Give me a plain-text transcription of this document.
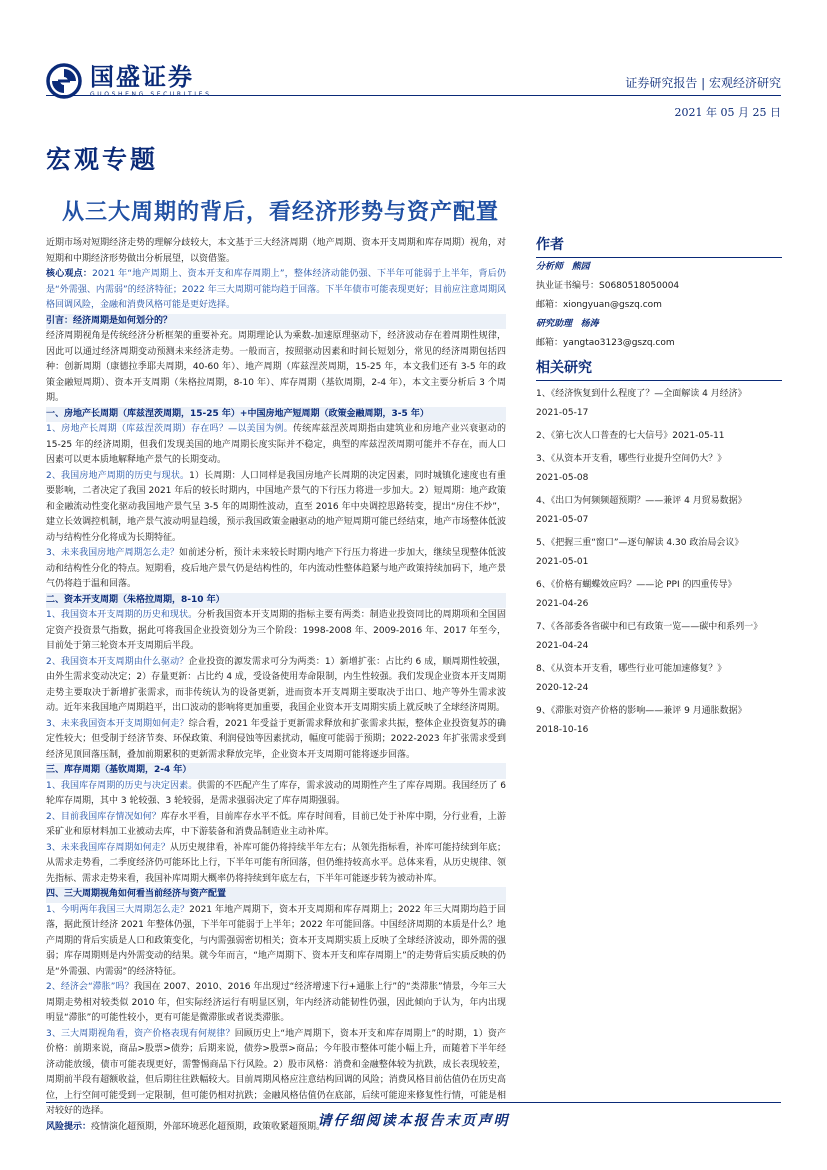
国盛证券	证券研究报告 | 宏观经济研究
2021 年 05 月 25 日
宏观专题
从三大周期的背后，看经济形势与资产配置

近期市场对短期经济走势的理解分歧较大，本文基于三大经济周期（地产周期、资本开支周期和库存周期）视角，对短期和中期经济形势做出分析展望，以资借鉴。

核心观点：2021 年“地产周期上、资本开支和库存周期上”，整体经济动能仍强、下半年可能弱于上半年，背后仍是“外需强、内需弱”的经济特征；2022 年三大周期可能均趋于回落。下半年债市可能表现更好；目前应注意周期风格回调风险，金融和消费风格可能是更好选择。

引言：经济周期是如何划分的？

经济周期视角是传统经济分析框架的重要补充。周期理论认为乘数-加速原理驱动下，经济波动存在着周期性规律，因此可以通过经济周期变动预测未来经济走势。一般而言，按照驱动因素和时间长短划分，常见的经济周期包括四种：创新周期（康德拉季耶夫周期，40-60 年）、地产周期（库兹涅茨周期，15-25 年，本文我们还有 3-5 年的政策金融短周期）、资本开支周期（朱格拉周期，8-10 年）、库存周期（基钦周期，2-4 年），本文主要分析后 3 个周期。

一、房地产长周期（库兹涅茨周期，15-25 年）+中国房地产短周期（政策金融周期，3-5 年）

1、房地产长周期（库兹涅茨周期）存在吗？—以美国为例。传统库兹涅茨周期指由建筑业和房地产业兴衰驱动的 15-25 年的经济周期，但我们发现美国的地产周期长度实际并不稳定，典型的库兹涅茨周期可能并不存在，而人口因素可以更本质地解释地产景气的长期变动。

2、我国房地产周期的历史与现状。1）长周期：人口同样是我国房地产长周期的决定因素，同时城镇化速度也有重要影响，二者决定了我国 2021 年后的较长时期内，中国地产景气的下行压力将进一步加大。2）短周期：地产政策和金融流动性变化驱动我国地产景气呈 3-5 年的周期性波动，直至 2016 年中央调控思路转变，提出“房住不炒”，建立长效调控机制，地产景气波动明显趋缓，预示我国政策金融驱动的地产短周期可能已经结束，地产市场整体低波动与结构性分化将成为长期特征。

3、未来我国房地产周期怎么走？如前述分析，预计未来较长时期内地产下行压力将进一步加大，继续呈现整体低波动和结构性分化的特点。短期看，疫后地产景气仍是结构性的，年内流动性整体趋紧与地产政策持续加码下，地产景气仍将趋于温和回落。

二、资本开支周期（朱格拉周期，8-10 年）

1、我国资本开支周期的历史和现状。分析我国资本开支周期的指标主要有两类：制造业投资同比的周期项和全国固定资产投资景气指数，据此可将我国企业投资划分为三个阶段：1998-2008 年、2009-2016 年、2017 年至今，目前处于第三轮资本开支周期后半段。

2、我国资本开支周期由什么驱动？企业投资的源发需求可分为两类：1）新增扩张：占比约 6 成，顺周期性较强，由外生需求变动决定；2）存量更新：占比约 4 成，受设备使用寿命限制，内生性较强。我们发现企业资本开支周期走势主要取决于新增扩张需求，而非传统认为的设备更新，进而资本开支周期主要取决于出口、地产等外生需求波动。近年来我国地产周期趋平，出口波动的影响将更加重要，我国企业资本开支周期实质上就反映了全球经济周期。

3、未来我国资本开支周期如何走？综合看，2021 年受益于更新需求释放和扩张需求共振，整体企业投资复苏的确定性较大；但受制于经济节奏、环保政策、利润侵蚀等因素扰动，幅度可能弱于预期；2022-2023 年扩张需求受到经济见顶回落压制，叠加前期累积的更新需求释放完毕，企业资本开支周期可能将逐步回落。

三、库存周期（基钦周期，2-4 年）

1、我国库存周期的历史与决定因素。供需的不匹配产生了库存，需求波动的周期性产生了库存周期。我国经历了 6 轮库存周期，其中 3 轮较强、3 轮较弱，是需求强弱决定了库存周期强弱。

2、目前我国库存情况如何？库存水平看，目前库存水平不低。库存时间看，目前已处于补库中期，分行业看，上游采矿业和原材料加工业被动去库，中下游装备和消费品制造业主动补库。

3、未来我国库存周期如何走？从历史规律看，补库可能仍将持续半年左右；从领先指标看，补库可能持续到年底；从需求走势看，二季度经济仍可能环比上行，下半年可能有所回落，但仍维持较高水平。总体来看，从历史规律、领先指标、需求走势来看，我国补库周期大概率仍将持续到年底左右，下半年可能逐步转为被动补库。

四、三大周期视角如何看当前经济与资产配置

1、今明两年我国三大周期怎么走？2021 年地产周期下，资本开支周期和库存周期上；2022 年三大周期均趋于回落，据此预计经济 2021 年整体仍强，下半年可能弱于上半年；2022 年可能回落。中国经济周期的本质是什么？地产周期的背后实质是人口和政策变化，与内需强弱密切相关；资本开支周期实质上反映了全球经济波动，即外需的强弱；库存周期则是内外需变动的结果。就今年而言，“地产周期下、资本开支和库存周期上”的走势背后实质反映的仍是“外需强、内需弱”的经济特征。

2、经济会“滞胀”吗？我国在 2007、2010、2016 年出现过“经济增速下行+通胀上行”的“类滞胀”情景，今年三大周期走势相对较类似 2010 年，但实际经济运行有明显区别，年内经济动能韧性仍强，因此倾向于认为，年内出现明显“滞胀”的可能性较小，更有可能是微滞胀或者说类滞胀。

3、三大周期视角看，资产价格表现有何规律？回顾历史上“地产周期下，资本开支和库存周期上”的时期，1）资产价格：前期来说，商品>股票>债券；后期来说，债券>股票>商品；今年股市整体可能小幅上升，而随着下半年经济动能放缓，债市可能表现更好，需警惕商品下行风险。2）股市风格：消费和金融整体较为抗跌，成长表现较差，周期前半段有超额收益，但后期往往跌幅较大。目前周期风格应注意结构回调的风险；消费风格目前估值仍在历史高位，上行空间可能受到一定限制，但可能仍相对抗跌；金融风格估值仍在底部，后续可能迎来修复性行情，可能是相对较好的选择。

风险提示：疫情演化超预期，外部环境恶化超预期，政策收紧超预期。

作者

分析师 熊园

执业证书编号：S0680518050004

邮箱：xiongyuan@gszq.com

研究助理 杨涛

邮箱：yangtao3123@gszq.com

相关研究

1、《经济恢复到什么程度了？—全面解读 4 月经济》

2021-05-17

2、《第七次人口普查的七大信号》2021-05-11

3、《从资本开支看，哪些行业提升空间仍大？》

2021-05-08

4、《出口为何频频超预期？——兼评 4 月贸易数据》

2021-05-07

5、《把握三重“窗口”—逐句解读 4.30 政治局会议》

2021-05-01

6、《价格有蝴蝶效应吗？——论 PPI 的四重传导》

2021-04-26

7、《各部委各省碳中和已有政策一览——碳中和系列一》2021-04-24

8、《从资本开支看，哪些行业可能加速修复？》

2020-12-24

9、《滞胀对资产价格的影响——兼评 9 月通胀数据》

2018-10-16

请仔细阅读本报告末页声明
